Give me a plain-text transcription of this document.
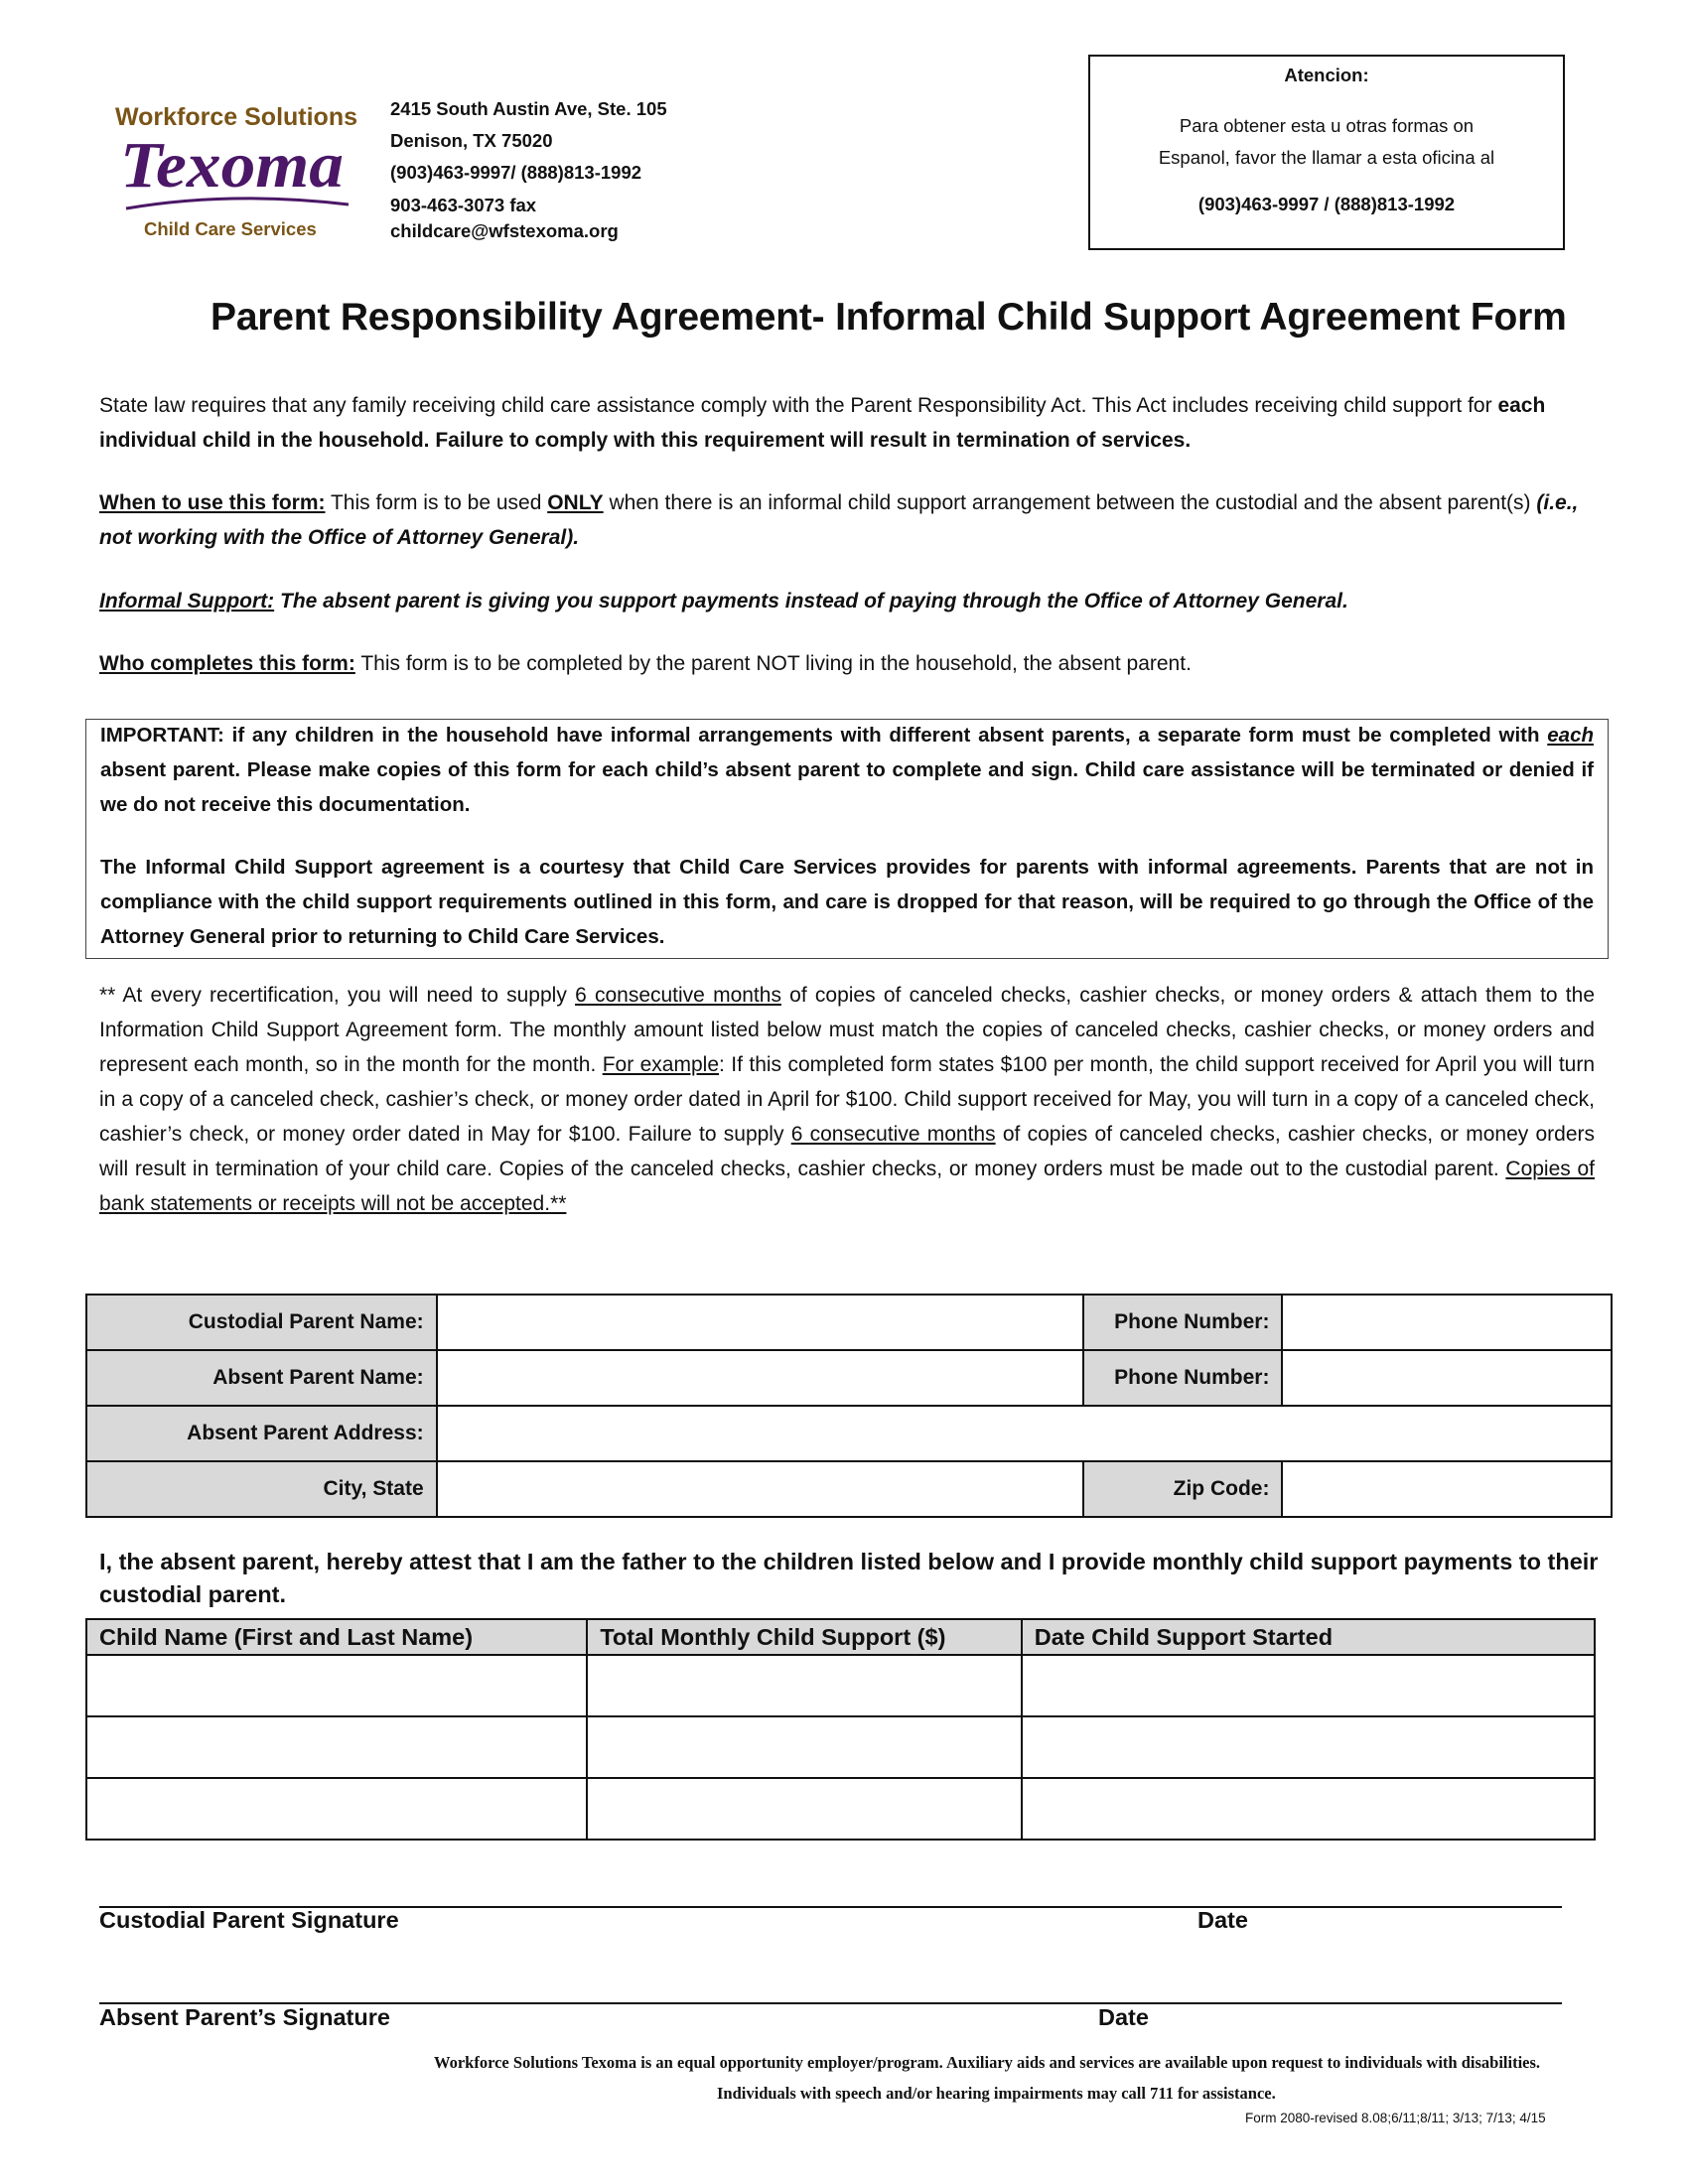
Workforce Solutions
Texoma
Child Care Services
2415 South Austin Ave, Ste. 105
Denison, TX 75020
(903)463-9997/ (888)813-1992
903-463-3073 fax
childcare@wfstexoma.org
Atencion:
Para obtener esta u otras formas on
Espanol, favor the llamar a esta oficina al
(903)463-9997 / (888)813-1992
Parent Responsibility Agreement- Informal Child Support Agreement Form
State law requires that any family receiving child care assistance comply with the Parent Responsibility Act. This Act includes receiving child support for each individual child in the household. Failure to comply with this requirement will result in termination of services.
When to use this form: This form is to be used ONLY when there is an informal child support arrangement between the custodial and the absent parent(s) (i.e., not working with the Office of Attorney General).
Informal Support: The absent parent is giving you support payments instead of paying through the Office of Attorney General.
Who completes this form: This form is to be completed by the parent NOT living in the household, the absent parent.

IMPORTANT: if any children in the household have informal arrangements with different absent parents, a separate form must be completed with each absent parent. Please make copies of this form for each child’s absent parent to complete and sign. Child care assistance will be terminated or denied if we do not receive this documentation.

The Informal Child Support agreement is a courtesy that Child Care Services provides for parents with informal agreements. Parents that are not in compliance with the child support requirements outlined in this form, and care is dropped for that reason, will be required to go through the Office of the Attorney General prior to returning to Child Care Services.

** At every recertification, you will need to supply 6 consecutive months of copies of canceled checks, cashier checks, or money orders & attach them to the Information Child Support Agreement form. The monthly amount listed below must match the copies of canceled checks, cashier checks, or money orders and represent each month, so in the month for the month. For example: If this completed form states $100 per month, the child support received for April you will turn in a copy of a canceled check, cashier’s check, or money order dated in April for $100. Child support received for May, you will turn in a copy of a canceled check, cashier’s check, or money order dated in May for $100. Failure to supply 6 consecutive months of copies of canceled checks, cashier checks, or money orders will result in termination of your child care. Copies of the canceled checks, cashier checks, or money orders must be made out to the custodial parent. Copies of bank statements or receipts will not be accepted.**
Custodial Parent Name:		Phone Number:	
Absent Parent Name:		Phone Number:	
Absent Parent Address:			
City, State		Zip Code:	
I, the absent parent, hereby attest that I am the father to the children listed below and I provide monthly child support payments to their custodial parent.
Child Name (First and Last Name)	Total Monthly Child Support ($)	Date Child Support Started

Custodial Parent Signature	Date
Absent Parent’s Signature	Date
Workforce Solutions Texoma is an equal opportunity employer/program. Auxiliary aids and services are available upon request to individuals with disabilities.
Individuals with speech and/or hearing impairments may call 711 for assistance.
Form 2080-revised 8.08;6/11;8/11; 3/13; 7/13; 4/15
